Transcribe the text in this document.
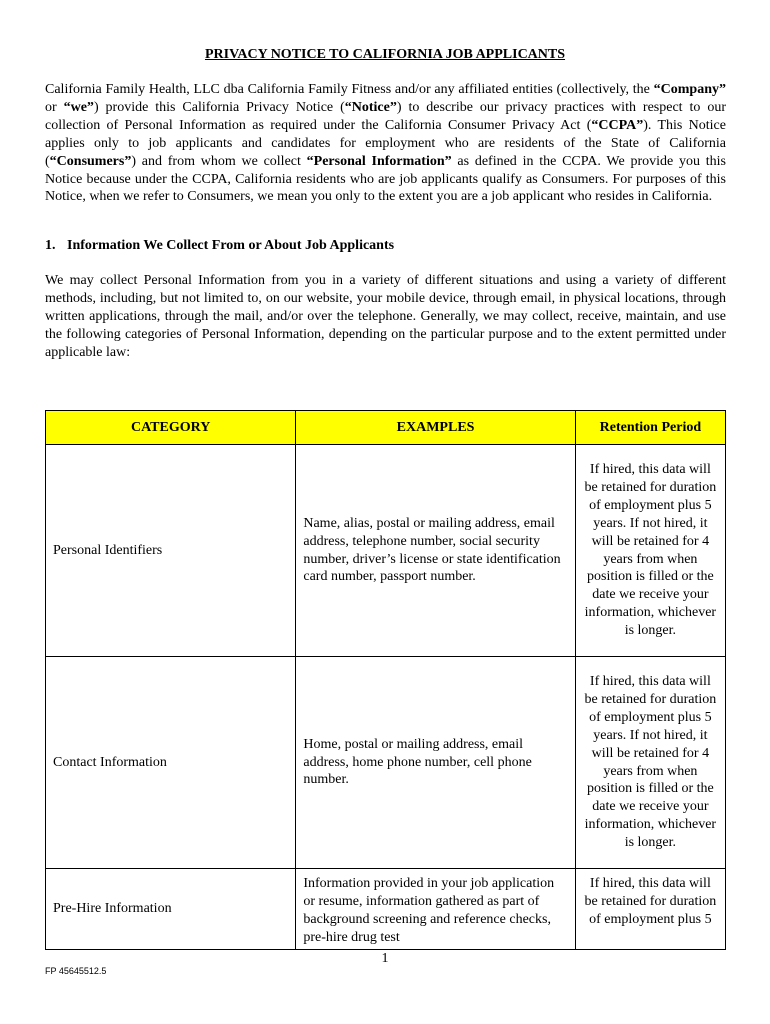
PRIVACY NOTICE TO CALIFORNIA JOB APPLICANTS

California Family Health, LLC dba California Family Fitness and/or any affiliated entities (collectively, the “Company” or “we”) provide this California Privacy Notice (“Notice”) to describe our privacy practices with respect to our collection of Personal Information as required under the California Consumer Privacy Act (“CCPA”). This Notice applies only to job applicants and candidates for employment who are residents of the State of California (“Consumers”) and from whom we collect “Personal Information” as defined in the CCPA. We provide you this Notice because under the CCPA, California residents who are job applicants qualify as Consumers. For purposes of this Notice, when we refer to Consumers, we mean you only to the extent you are a job applicant who resides in California.

1. Information We Collect From or About Job Applicants

We may collect Personal Information from you in a variety of different situations and using a variety of different methods, including, but not limited to, on our website, your mobile device, through email, in physical locations, through written applications, through the mail, and/or over the telephone. Generally, we may collect, receive, maintain, and use the following categories of Personal Information, depending on the particular purpose and to the extent permitted under applicable law:

CATEGORY	EXAMPLES	Retention Period
Personal Identifiers	Name, alias, postal or mailing address, email address, telephone number, social security number, driver’s license or state identification card number, passport number.	If hired, this data will be retained for duration of employment plus 5 years. If not hired, it will be retained for 4 years from when position is filled or the date we receive your information, whichever is longer.
Contact Information	Home, postal or mailing address, email address, home phone number, cell phone number.	If hired, this data will be retained for duration of employment plus 5 years. If not hired, it will be retained for 4 years from when position is filled or the date we receive your information, whichever is longer.
Pre-Hire Information	Information provided in your job application or resume, information gathered as part of background screening and reference checks, pre-hire drug test	If hired, this data will be retained for duration of employment plus 5
1
FP 45645512.5
